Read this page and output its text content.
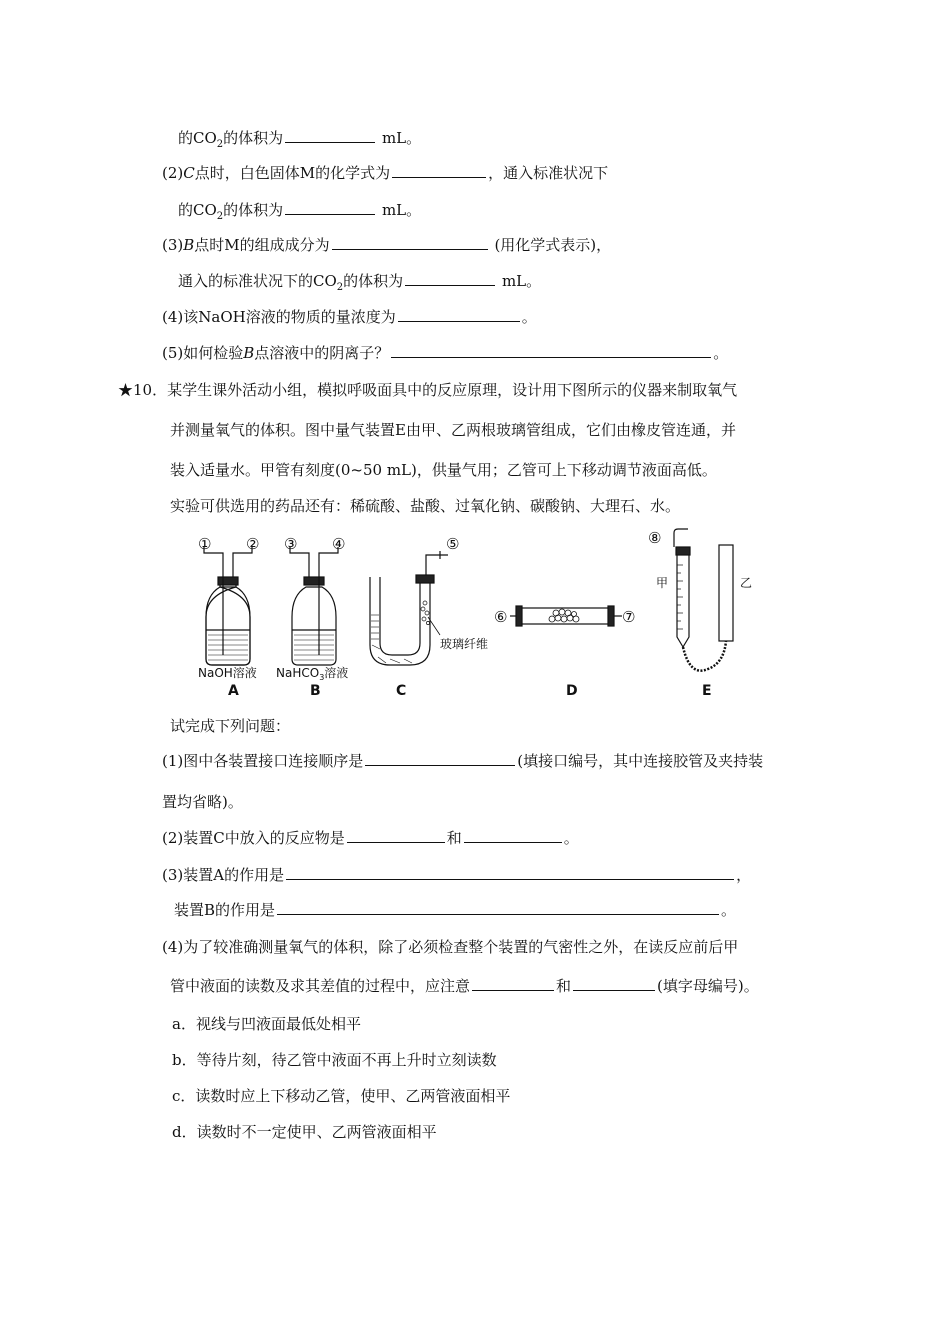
的$CO_2$的体积为	mL。
(2)C点时，白色固体M的化学式为	，通入标准状况下
的$CO_2$的体积为	mL。
(3)B点时M的组成成分为	(用化学式表示)，
通入的标准状况下的$CO_2$的体积为	mL。
(4)该NaOH溶液的物质的量浓度为	。
(5)如何检验B点溶液中的阴离子？	。
★10．某学生课外活动小组，模拟呼吸面具中的反应原理，设计用下图所示的仪器来制取氧气
并测量氧气的体积。图中量气装置E由甲、乙两根玻璃管组成，它们由橡皮管连通，并
装入适量水。甲管有刻度(0~50 mL)，供量气用；乙管可上下移动调节液面高低。
实验可供选用的药品还有：稀硫酸、盐酸、过氧化钠、碳酸钠、大理石、水。
① ② ③ ④	⑤
⑥	⑦
⑧
NaOH溶液 NaHCO$_3$溶液
玻璃纤维
甲	乙
A	B	C	D	E
试完成下列问题：
(1)图中各装置接口连接顺序是	(填接口编号，其中连接胶管及夹持装
置均省略)。
(2)装置C中放入的反应物是	和	。
(3)装置A的作用是	，
装置B的作用是	。
(4)为了较准确测量氧气的体积，除了必须检查整个装置的气密性之外，在读反应前后甲
管中液面的读数及求其差值的过程中，应注意	和	(填字母编号)。
a．视线与凹液面最低处相平
b．等待片刻，待乙管中液面不再上升时立刻读数
c．读数时应上下移动乙管，使甲、乙两管液面相平
d．读数时不一定使甲、乙两管液面相平
